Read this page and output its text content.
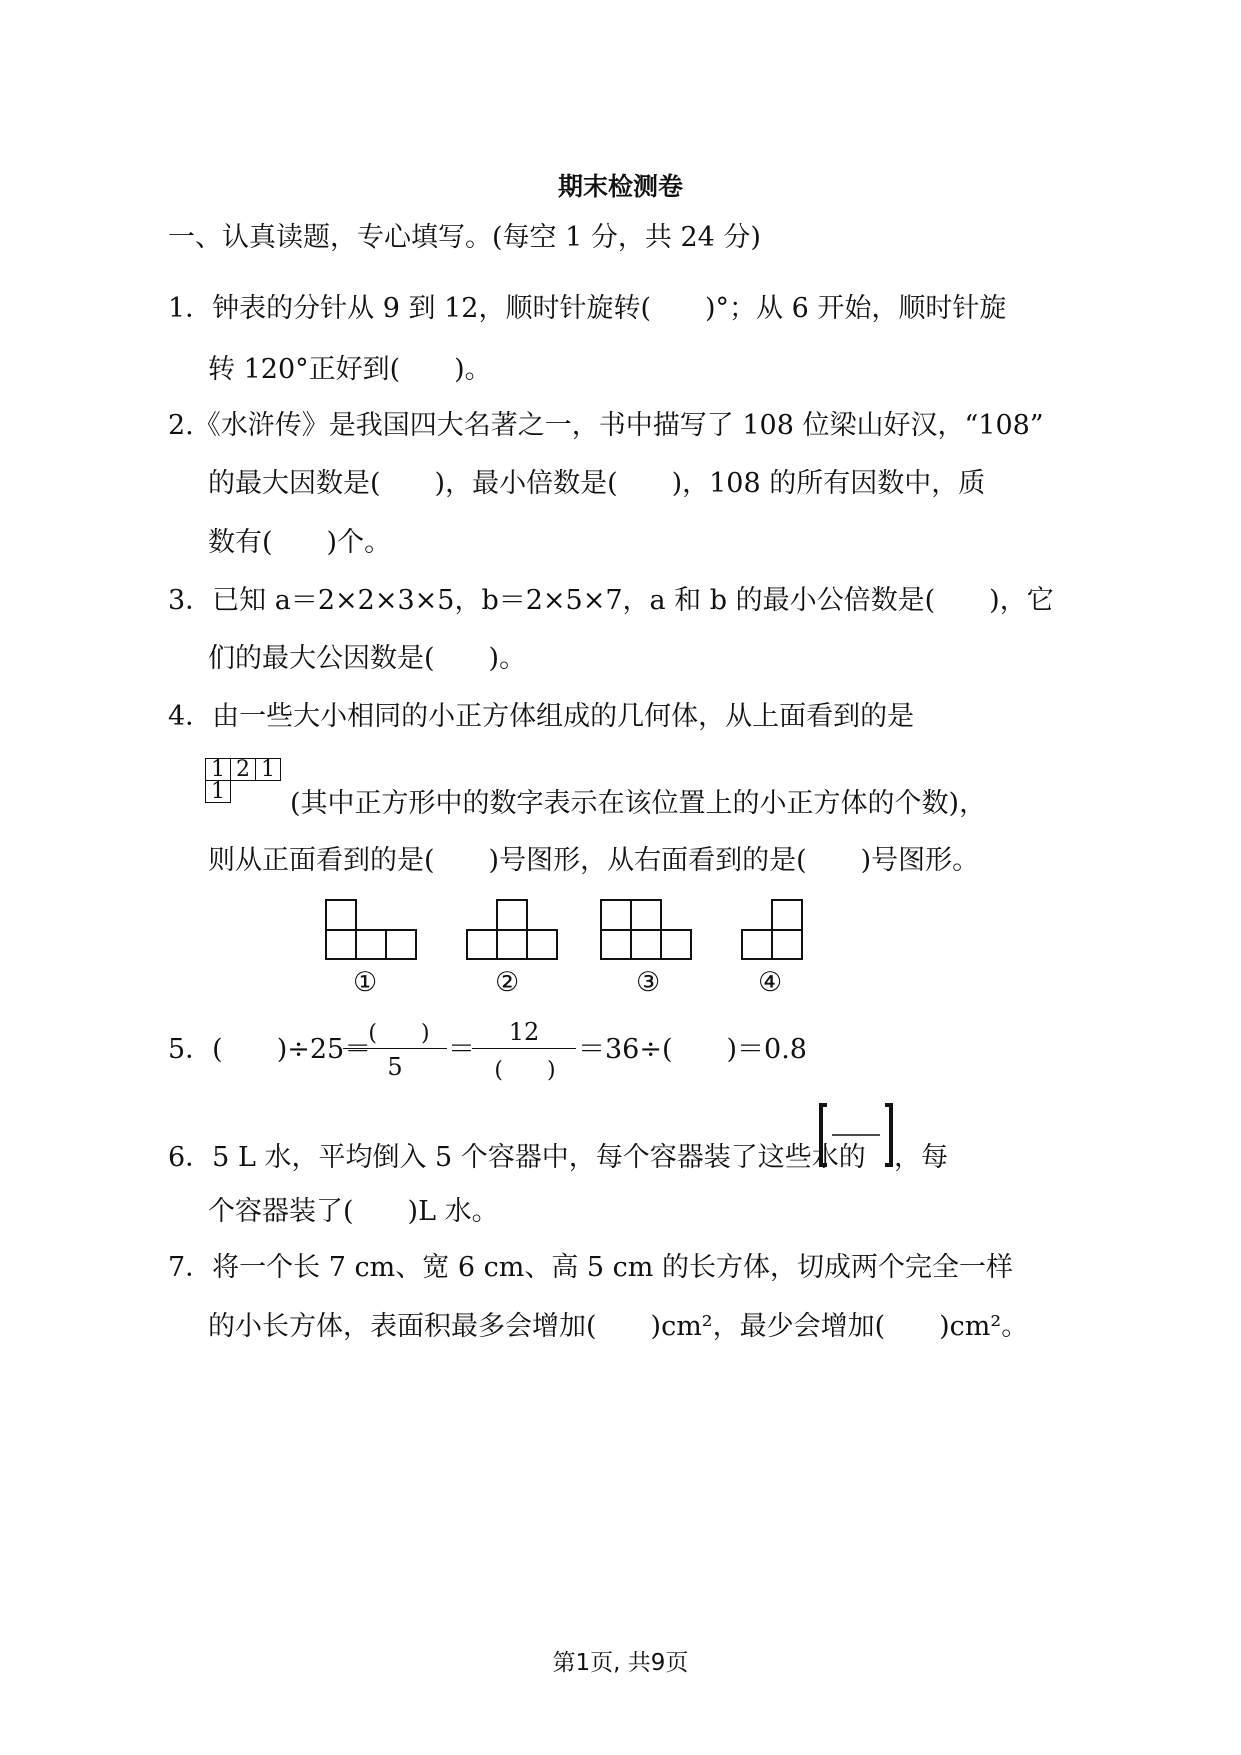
期末检测卷
一、认真读题，专心填写。(每空 1 分，共 24 分)
1．钟表的分针从 9 到 12，顺时针旋转(　　)°；从 6 开始，顺时针旋
转 120°正好到(　　)。
2.《水浒传》是我国四大名著之一，书中描写了 108 位梁山好汉，“108”
的最大因数是(　　)，最小倍数是(　　)，108 的所有因数中，质
数有(　　)个。
3．已知 a＝2×2×3×5，b＝2×5×7，a 和 b 的最小公倍数是(　　)，它
们的最大公因数是(　　)。
4．由一些大小相同的小正方体组成的几何体，从上面看到的是
1	2	1
1		(其中正方形中的数字表示在该位置上的小正方体的个数)，
则从正面看到的是(　　)号图形，从右面看到的是(　　)号图形。
①	②	③	④
5．(　　)÷25＝
(　　)
5
＝
12
(　　)
＝36÷(　　)＝0.8
6．5 L 水，平均倒入 5 个容器中，每个容器装了这些水的 ，每
个容器装了(　　)L 水。
7．将一个长 7 cm、宽 6 cm、高 5 cm 的长方体，切成两个完全一样
的小长方体，表面积最多会增加(　　)cm²，最少会增加(　　)cm²。
第1页, 共9页
